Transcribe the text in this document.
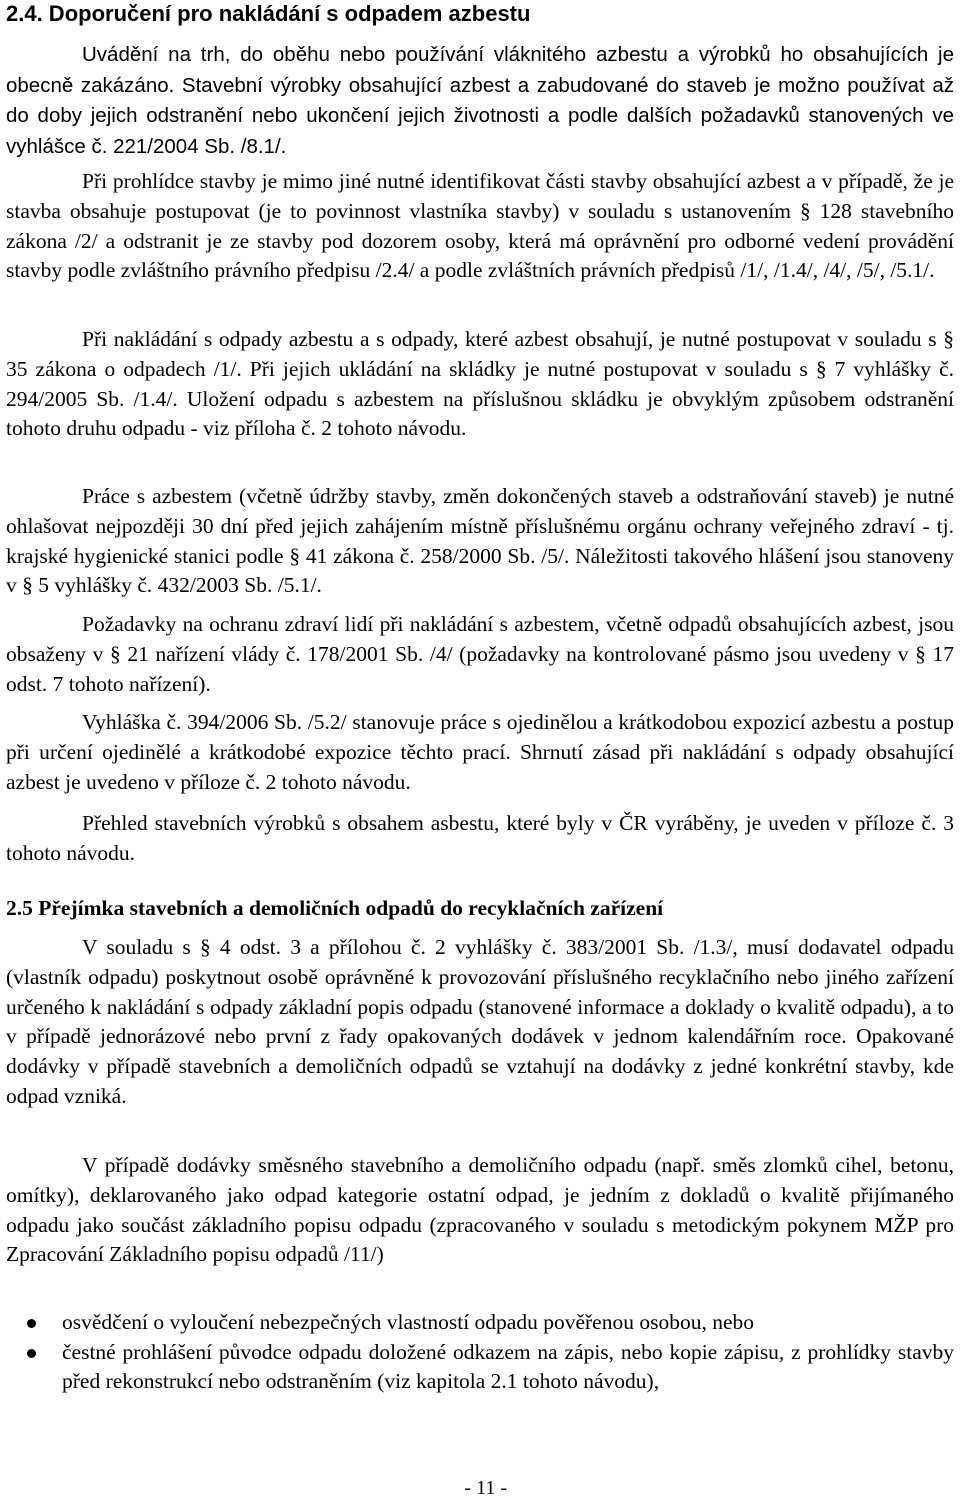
2.4. Doporučení pro nakládání s odpadem azbestu

Uvádění na trh, do oběhu nebo používání vláknitého azbestu a výrobků ho obsahujících je obecně zakázáno. Stavební výrobky obsahující azbest a zabudované do staveb je možno používat až do doby jejich odstranění nebo ukončení jejich životnosti a podle dalších požadavků stanovených ve vyhlášce č. 221/2004 Sb. /8.1/.

Při prohlídce stavby je mimo jiné nutné identifikovat části stavby obsahující azbest a v případě, že je stavba obsahuje postupovat (je to povinnost vlastníka stavby) v souladu s ustanovením § 128 stavebního zákona /2/ a odstranit je ze stavby pod dozorem osoby, která má oprávnění pro odborné vedení provádění stavby podle zvláštního právního předpisu /2.4/ a podle zvláštních právních předpisů /1/, /1.4/, /4/, /5/, /5.1/.

Při nakládání s odpady azbestu a s odpady, které azbest obsahují, je nutné postupovat v souladu s § 35 zákona o odpadech /1/. Při jejich ukládání na skládky je nutné postupovat v souladu s § 7 vyhlášky č. 294/2005 Sb. /1.4/. Uložení odpadu s azbestem na příslušnou skládku je obvyklým způsobem odstranění tohoto druhu odpadu - viz příloha č. 2 tohoto návodu.

Práce s azbestem (včetně údržby stavby, změn dokončených staveb a odstraňování staveb) je nutné ohlašovat nejpozději 30 dní před jejich zahájením místně příslušnému orgánu ochrany veřejného zdraví - tj. krajské hygienické stanici podle § 41 zákona č. 258/2000 Sb. /5/. Náležitosti takového hlášení jsou stanoveny v § 5 vyhlášky č. 432/2003 Sb. /5.1/.

Požadavky na ochranu zdraví lidí při nakládání s azbestem, včetně odpadů obsahujících azbest, jsou obsaženy v § 21 nařízení vlády č. 178/2001 Sb. /4/ (požadavky na kontrolované pásmo jsou uvedeny v § 17 odst. 7 tohoto nařízení).

Vyhláška č. 394/2006 Sb. /5.2/ stanovuje práce s ojedinělou a krátkodobou expozicí azbestu a postup při určení ojedinělé a krátkodobé expozice těchto prací. Shrnutí zásad při nakládání s odpady obsahující azbest je uvedeno v příloze č. 2 tohoto návodu.

Přehled stavebních výrobků s obsahem asbestu, které byly v ČR vyráběny, je uveden v příloze č. 3 tohoto návodu.

2.5 Přejímka stavebních a demoličních odpadů do recyklačních zařízení

V souladu s § 4 odst. 3 a přílohou č. 2 vyhlášky č. 383/2001 Sb. /1.3/, musí dodavatel odpadu (vlastník odpadu) poskytnout osobě oprávněné k provozování příslušného recyklačního nebo jiného zařízení určeného k nakládání s odpady základní popis odpadu (stanovené informace a doklady o kvalitě odpadu), a to v případě jednorázové nebo první z řady opakovaných dodávek v jednom kalendářním roce. Opakované dodávky v případě stavebních a demoličních odpadů se vztahují na dodávky z jedné konkrétní stavby, kde odpad vzniká.

V případě dodávky směsného stavebního a demoličního odpadu (např. směs zlomků cihel, betonu, omítky), deklarovaného jako odpad kategorie ostatní odpad, je jedním z dokladů o kvalitě přijímaného odpadu jako součást základního popisu odpadu (zpracovaného v souladu s metodickým pokynem MŽP pro Zpracování Základního popisu odpadů /11/)

osvědčení o vyloučení nebezpečných vlastností odpadu pověřenou osobou, nebo
čestné prohlášení původce odpadu doložené odkazem na zápis, nebo kopie zápisu, z prohlídky stavby před rekonstrukcí nebo odstraněním (viz kapitola 2.1 tohoto návodu),
- 11 -
